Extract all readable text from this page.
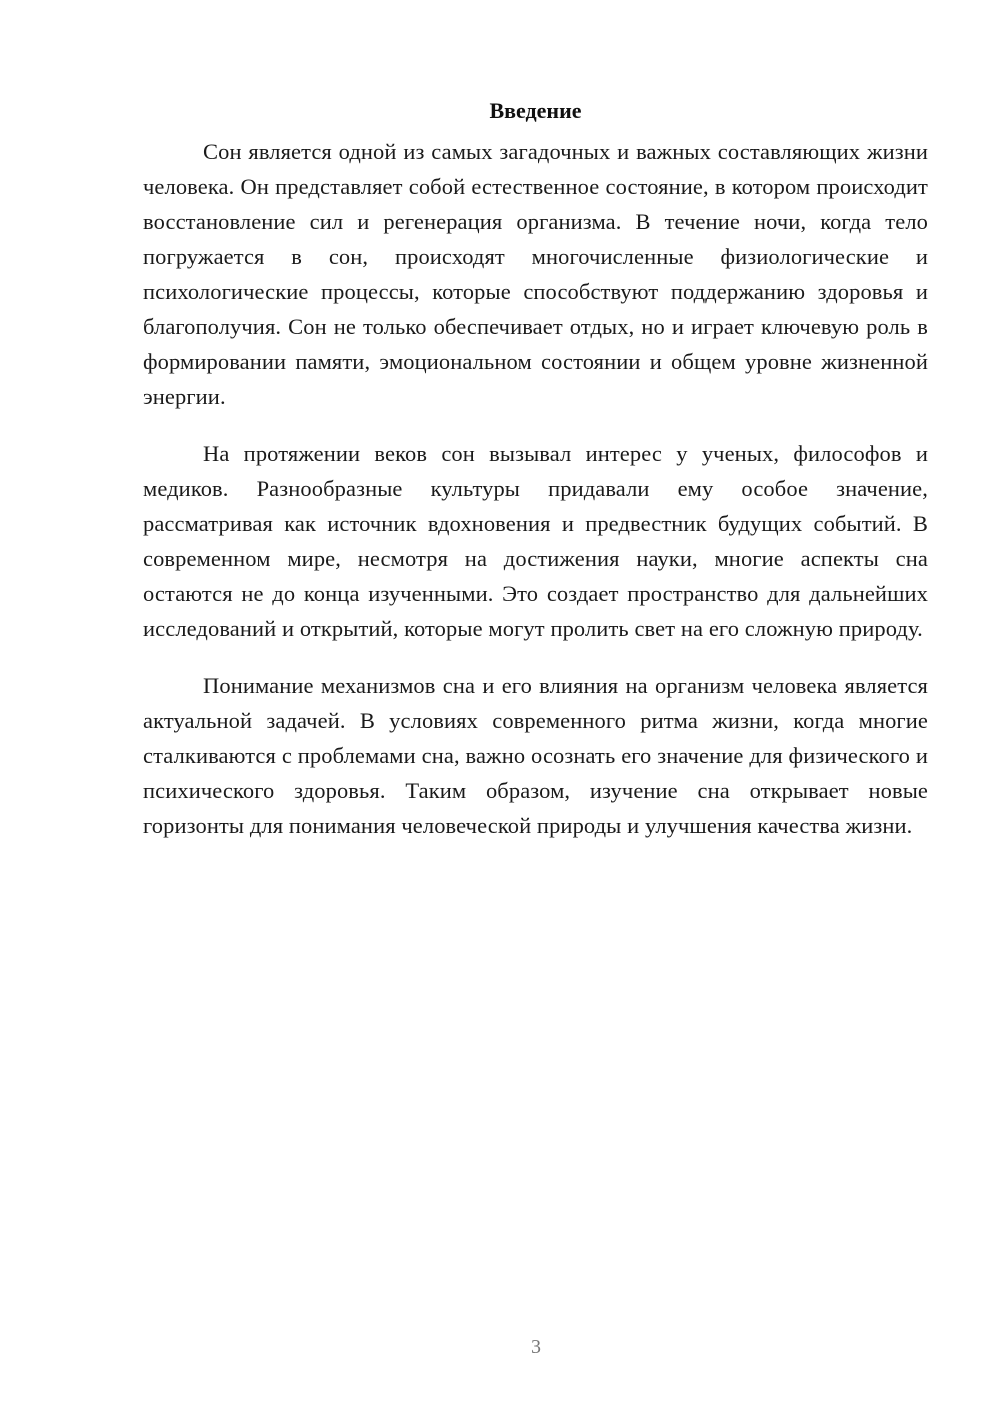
Введение

Сон является одной из самых загадочных и важных составляющих жизни человека. Он представляет собой естественное состояние, в котором происходит восстановление сил и регенерация организма. В течение ночи, когда тело погружается в сон, происходят многочисленные физиологические и психологические процессы, которые способствуют поддержанию здоровья и благополучия. Сон не только обеспечивает отдых, но и играет ключевую роль в формировании памяти, эмоциональном состоянии и общем уровне жизненной энергии.

На протяжении веков сон вызывал интерес у ученых, философов и медиков. Разнообразные культуры придавали ему особое значение, рассматривая как источник вдохновения и предвестник будущих событий. В современном мире, несмотря на достижения науки, многие аспекты сна остаются не до конца изученными. Это создает пространство для дальнейших исследований и открытий, которые могут пролить свет на его сложную природу.

Понимание механизмов сна и его влияния на организм человека является актуальной задачей. В условиях современного ритма жизни, когда многие сталкиваются с проблемами сна, важно осознать его значение для физического и психического здоровья. Таким образом, изучение сна открывает новые горизонты для понимания человеческой природы и улучшения качества жизни.

3
